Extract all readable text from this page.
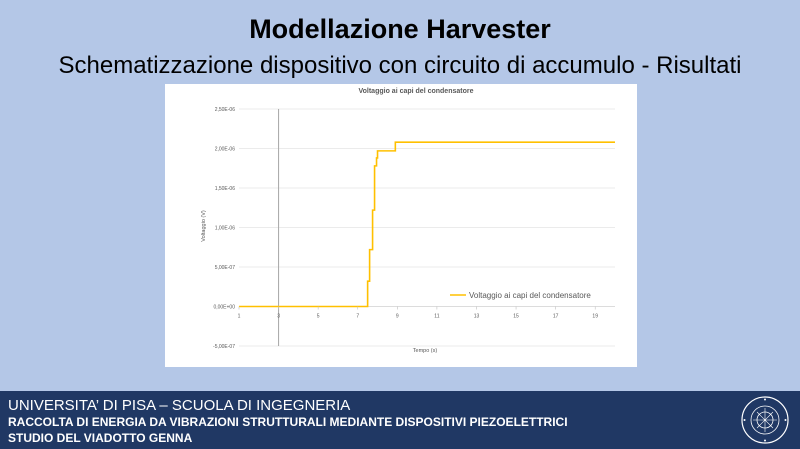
Modellazione Harvester
Schematizzazione dispositivo con circuito di accumulo - Risultati
-5,00E-07
0,00E+00
5,00E-07
1,00E-06
1,50E-06
2,00E-06
2,50E-06
1	3	5	7	9	11	13	15	17	19
Voltaggio ai capi del condensatore
Tempo (s)
Voltaggio (V)
Voltaggio ai capi del condensatore
UNIVERSITA’ DI PISA – SCUOLA DI INGEGNERIA
RACCOLTA DI ENERGIA DA VIBRAZIONI STRUTTURALI MEDIANTE DISPOSITIVI PIEZOELETTRICI
STUDIO DEL VIADOTTO GENNA
